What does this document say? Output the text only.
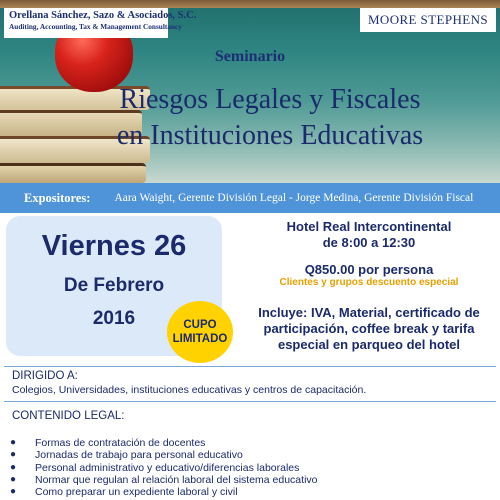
Orellana Sánchez, Sazo & Asociados, S.C.
Auditing, Accounting, Tax & Management Consultancy	MOORE STEPHENS
Seminario
Riesgos Legales y Fiscales
en Instituciones Educativas
Expositores: Aara Waight, Gerente División Legal - Jorge Medina, Gerente División Fiscal
Viernes 26
De Febrero
2016	CUPO
LIMITADO
Hotel Real Intercontinental
de 8:00 a 12:30
Q850.00 por persona
Clientes y grupos descuento especial
Incluye: IVA, Material, certificado de
participación, coffee break y tarifa
especial en parqueo del hotel
DIRIGIDO A:
Colegios, Universidades, instituciones educativas y centros de capacitación.
CONTENIDO LEGAL:
● Formas de contratación de docentes
● Jornadas de trabajo para personal educativo
● Personal administrativo y educativo/diferencias laborales
● Normar que regulan al relación laboral del sistema educativo
● Como preparar un expediente laboral y civil
